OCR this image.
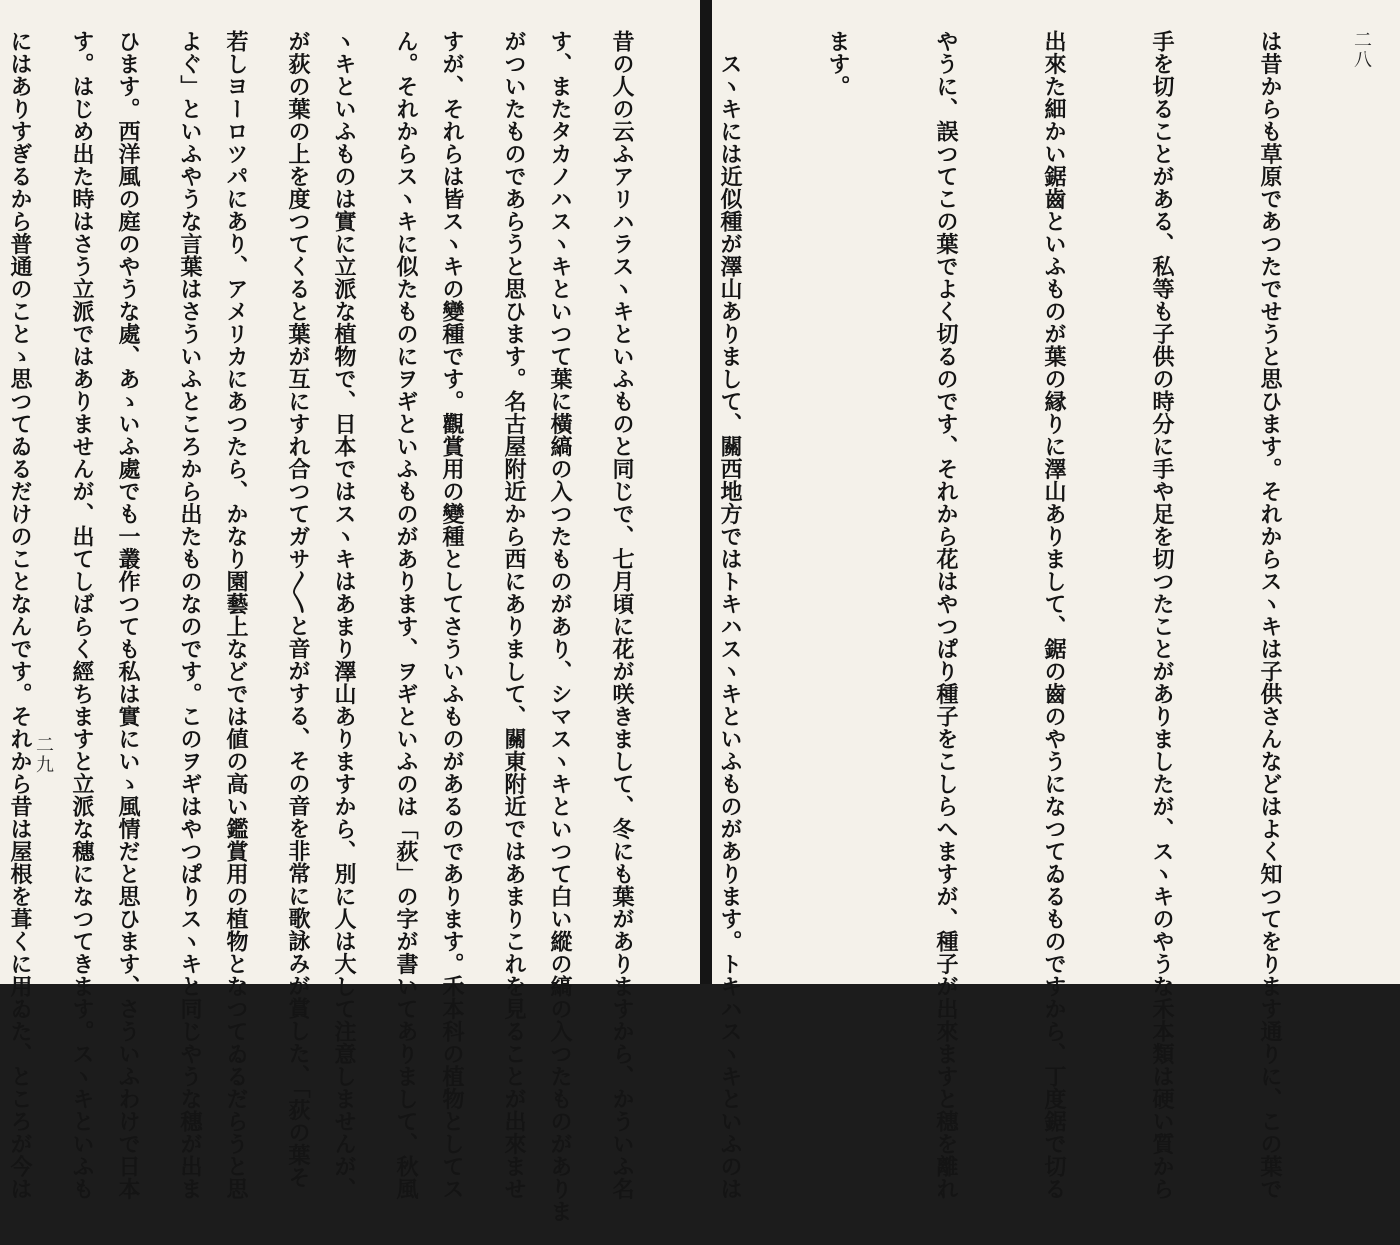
す、またタカノハスヽキといつて葉に橫縞の入つたものがあり、シマスヽキといつて白い縱の縞の入つたものがありま

すが、それらは皆スヽキの變種です。觀賞用の變種としてさういふものがあるのであります。禾本科の植物としてス

ヽキといふものは實に立派な植物で、日本ではスヽキはあまり澤山ありますから、別に人は大して注意しませんが、

若しヨーロツパにあり、アメリカにあつたら、かなり園藝上などでは値の高い鑑賞用の植物となつてゐるだらうと思

ひます。西洋風の庭のやうな處、あゝいふ處でも一叢作つても私は實にいゝ風情だと思ひます、さういふわけで日本

にはありすぎるから普通のことゝ思つてゐるだけのことなんです。それから昔は屋根を葺くに用ゐた、ところが今は

二九
二八

は昔からも草原であつたでせうと思ひます。それからスヽキは子供さんなどはよく知つてをります通りに、この葉で

手を切ることがある、私等も子供の時分に手や足を切つたことがありましたが、スヽキのやうな禾本類は硬い質から

出來た細かい鋸齒といふものが葉の縁りに澤山ありまして、鋸の齒のやうになつてゐるものですから、丁度鋸で切る

やうに、誤つてこの葉でよく切るのです、それから花はやつぱり種子をこしらへますが、種子が出來ますと穗を離れ

ます。

　スヽキには近似種が澤山ありまして、關西地方ではトキハスヽキといふものがあります。トキハスヽキといふのは

昔の人の云ふアリハラスヽキといふものと同じで、七月頃に花が咲きまして、冬にも葉がありますから、かういふ名

がついたものであらうと思ひます。名古屋附近から西にありまして、關東附近ではあまりこれを見ることが出來ませ

ん。それからスヽキに似たものにヲギといふものがあります、ヲギといふのは「荻」の字が書いてありまして、秋風

が荻の葉の上を度つてくると葉が互にすれ合つてガサ〳〵と音がする、その音を非常に歌詠みが賞した、「荻の葉そ

よぐ」といふやうな言葉はさういふところから出たものなのです。このヲギはやつぱりスヽキと同じやうな穗が出ま

す。はじめ出た時はさう立派ではありませんが、出てしばらく經ちますと立派な穗になつてきます。スヽキといふも
